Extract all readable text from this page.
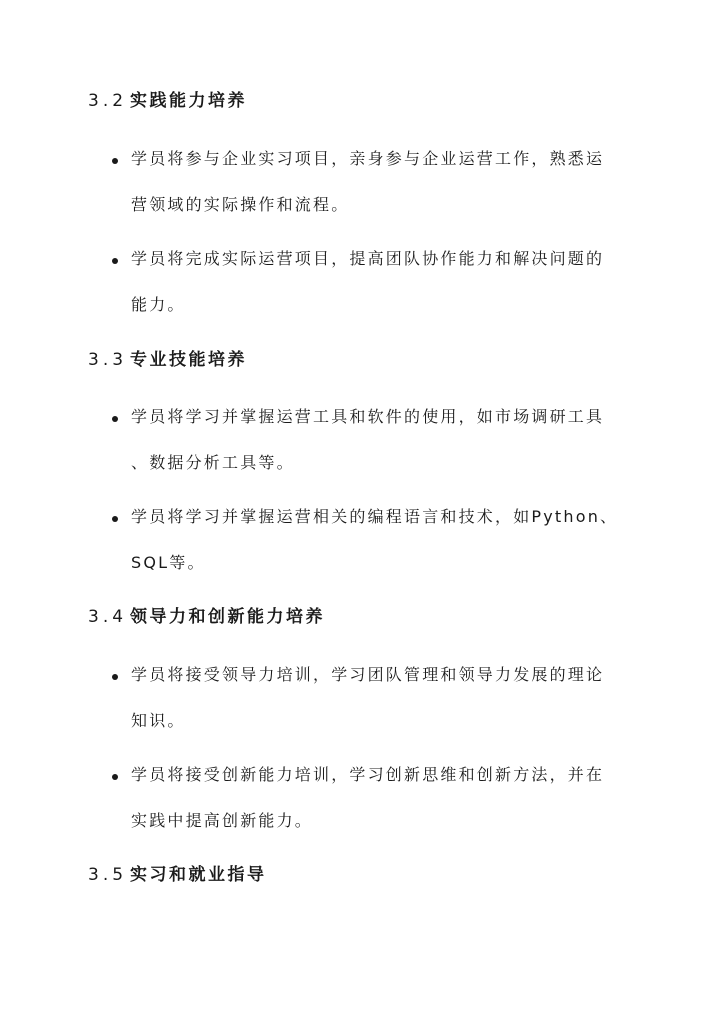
3.2 实践能力培养
学员将参与企业实习项目，亲身参与企业运营工作，熟悉运
营领域的实际操作和流程。
学员将完成实际运营项目，提高团队协作能力和解决问题的
能力。
3.3 专业技能培养
学员将学习并掌握运营工具和软件的使用，如市场调研工具
、数据分析工具等。
学员将学习并掌握运营相关的编程语言和技术，如Python、
SQL等。
3.4 领导力和创新能力培养
学员将接受领导力培训，学习团队管理和领导力发展的理论
知识。
学员将接受创新能力培训，学习创新思维和创新方法，并在
实践中提高创新能力。
3.5 实习和就业指导
